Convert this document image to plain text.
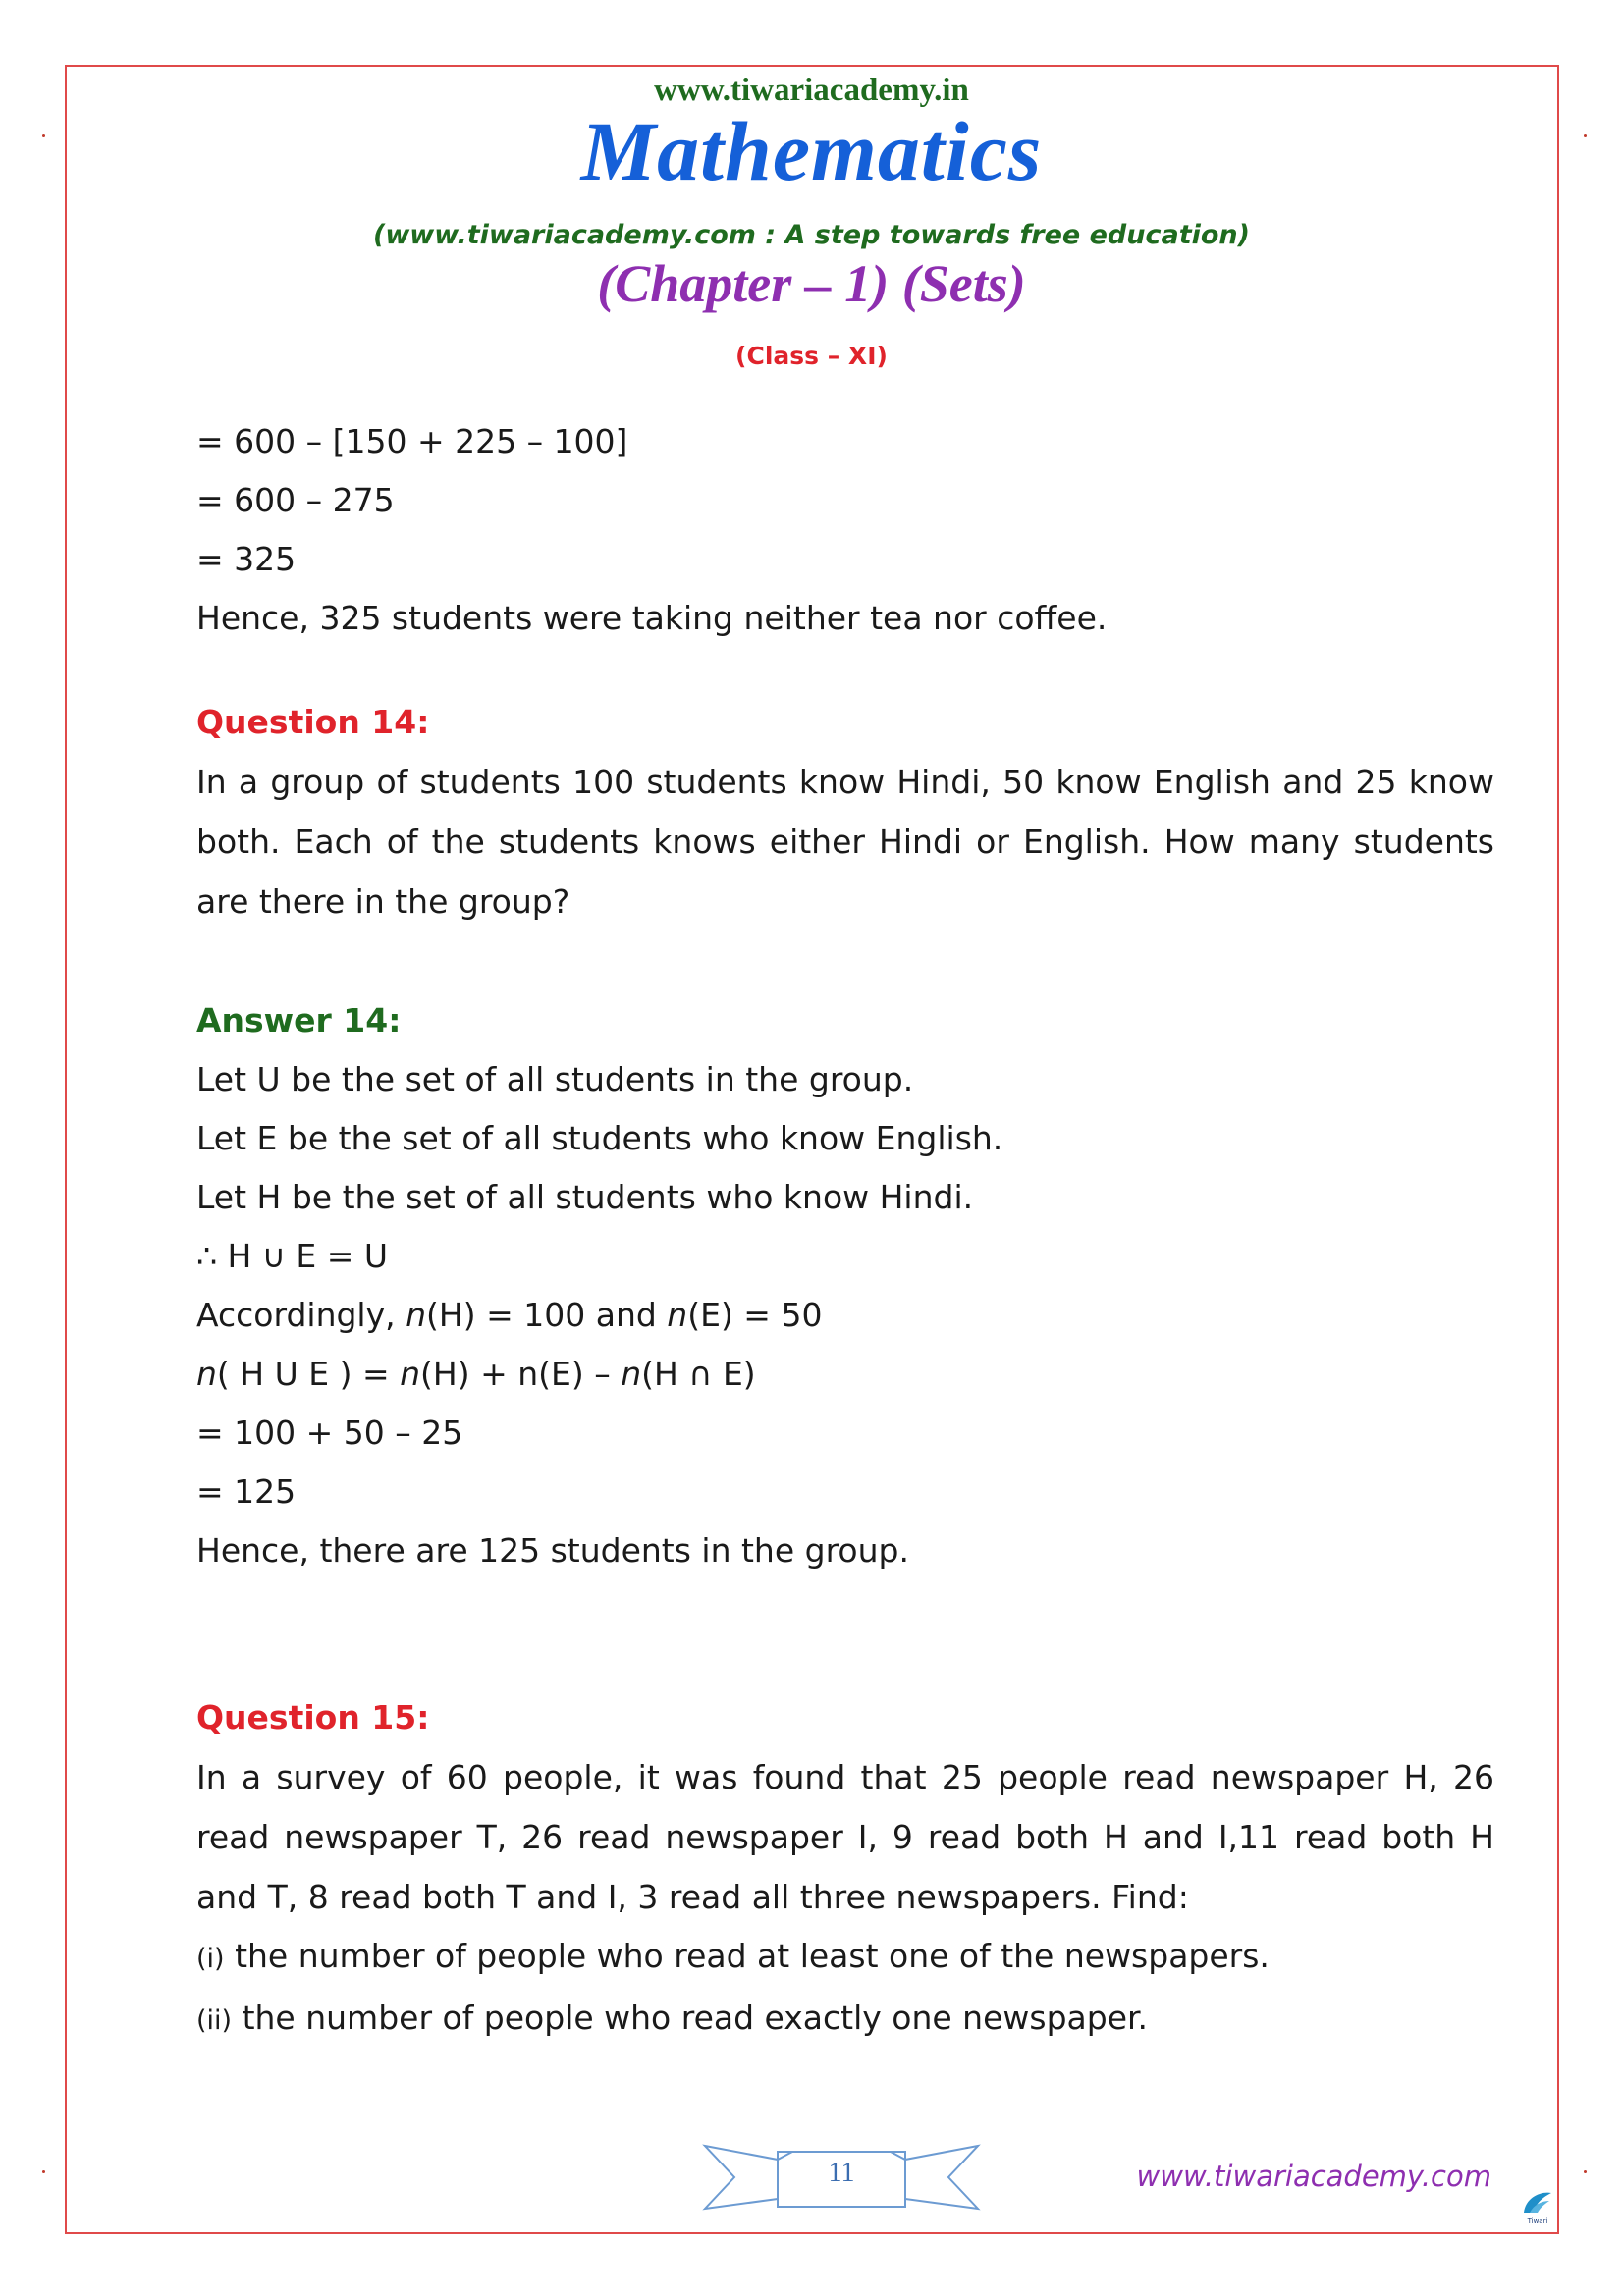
www.tiwariacademy.in
Mathematics
(www.tiwariacademy.com : A step towards free education)
(Chapter – 1) (Sets)
(Class – XI)
= 600 – [150 + 225 – 100]
= 600 – 275
= 325
Hence, 325 students were taking neither tea nor coffee.
Question 14:
In a group of students 100 students know Hindi, 50 know English and 25 know both. Each of the students knows either Hindi or English. How many students are there in the group?
Answer 14:
Let U be the set of all students in the group.
Let E be the set of all students who know English.
Let H be the set of all students who know Hindi.
∴ H ∪ E = U
Accordingly, n(H) = 100 and n(E) = 50
n( H U E ) = n(H) + n(E) – n(H ∩ E)
= 100 + 50 – 25
= 125
Hence, there are 125 students in the group.
Question 15:
In a survey of 60 people, it was found that 25 people read newspaper H, 26 read newspaper T, 26 read newspaper I, 9 read both H and I,11 read both H and T, 8 read both T and I, 3 read all three newspapers. Find:
(i) the number of people who read at least one of the newspapers.
(ii) the number of people who read exactly one newspaper.
11	www.tiwariacademy.com
Tiwari
